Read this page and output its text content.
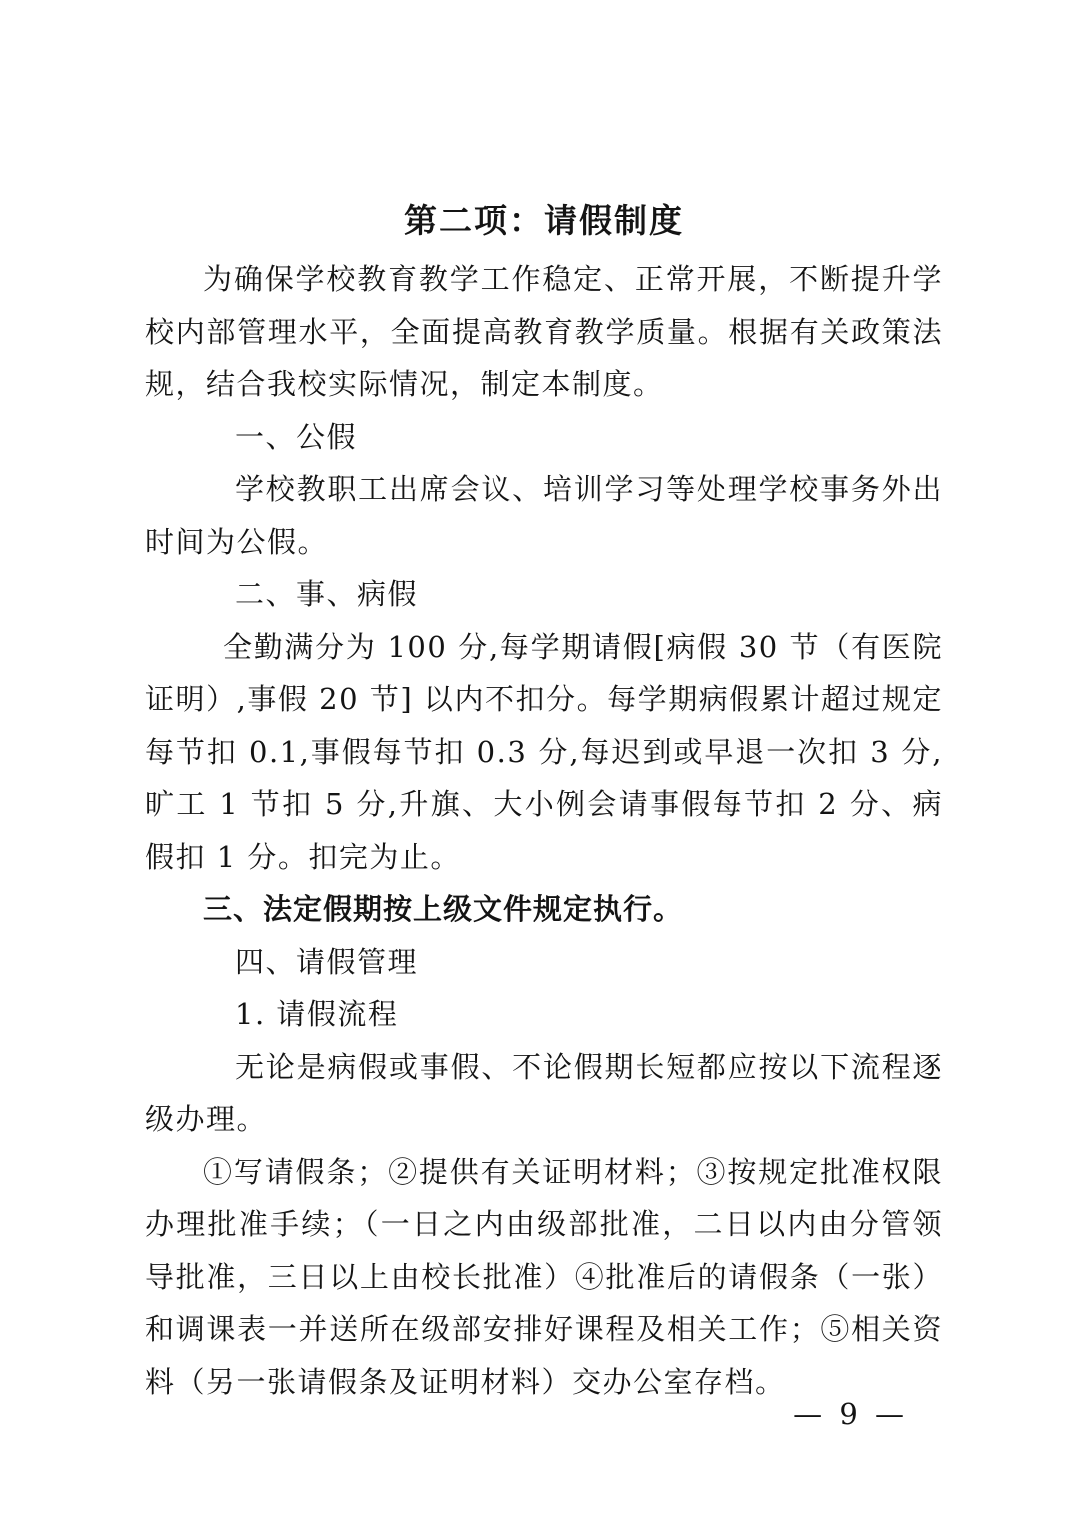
第二项：请假制度

为确保学校教育教学工作稳定、正常开展，不断提升学校内部管理水平，全面提高教育教学质量。根据有关政策法规，结合我校实际情况，制定本制度。

一、公假

学校教职工出席会议、培训学习等处理学校事务外出时间为公假。

二、事、病假

全勤满分为 100 分,每学期请假[病假 30 节（有医院证明）,事假 20 节] 以内不扣分。每学期病假累计超过规定每节扣 0.1,事假每节扣 0.3 分,每迟到或早退一次扣 3 分,旷工 1 节扣 5 分,升旗、大小例会请事假每节扣 2 分、病假扣 1 分。扣完为止。

三、法定假期按上级文件规定执行。

四、请假管理

1. 请假流程

无论是病假或事假、不论假期长短都应按以下流程逐级办理。

①写请假条；②提供有关证明材料；③按规定批准权限办理批准手续；（一日之内由级部批准，二日以内由分管领导批准，三日以上由校长批准）④批准后的请假条（一张）和调课表一并送所在级部安排好课程及相关工作；⑤相关资料（另一张请假条及证明材料）交办公室存档。

— 9 —
